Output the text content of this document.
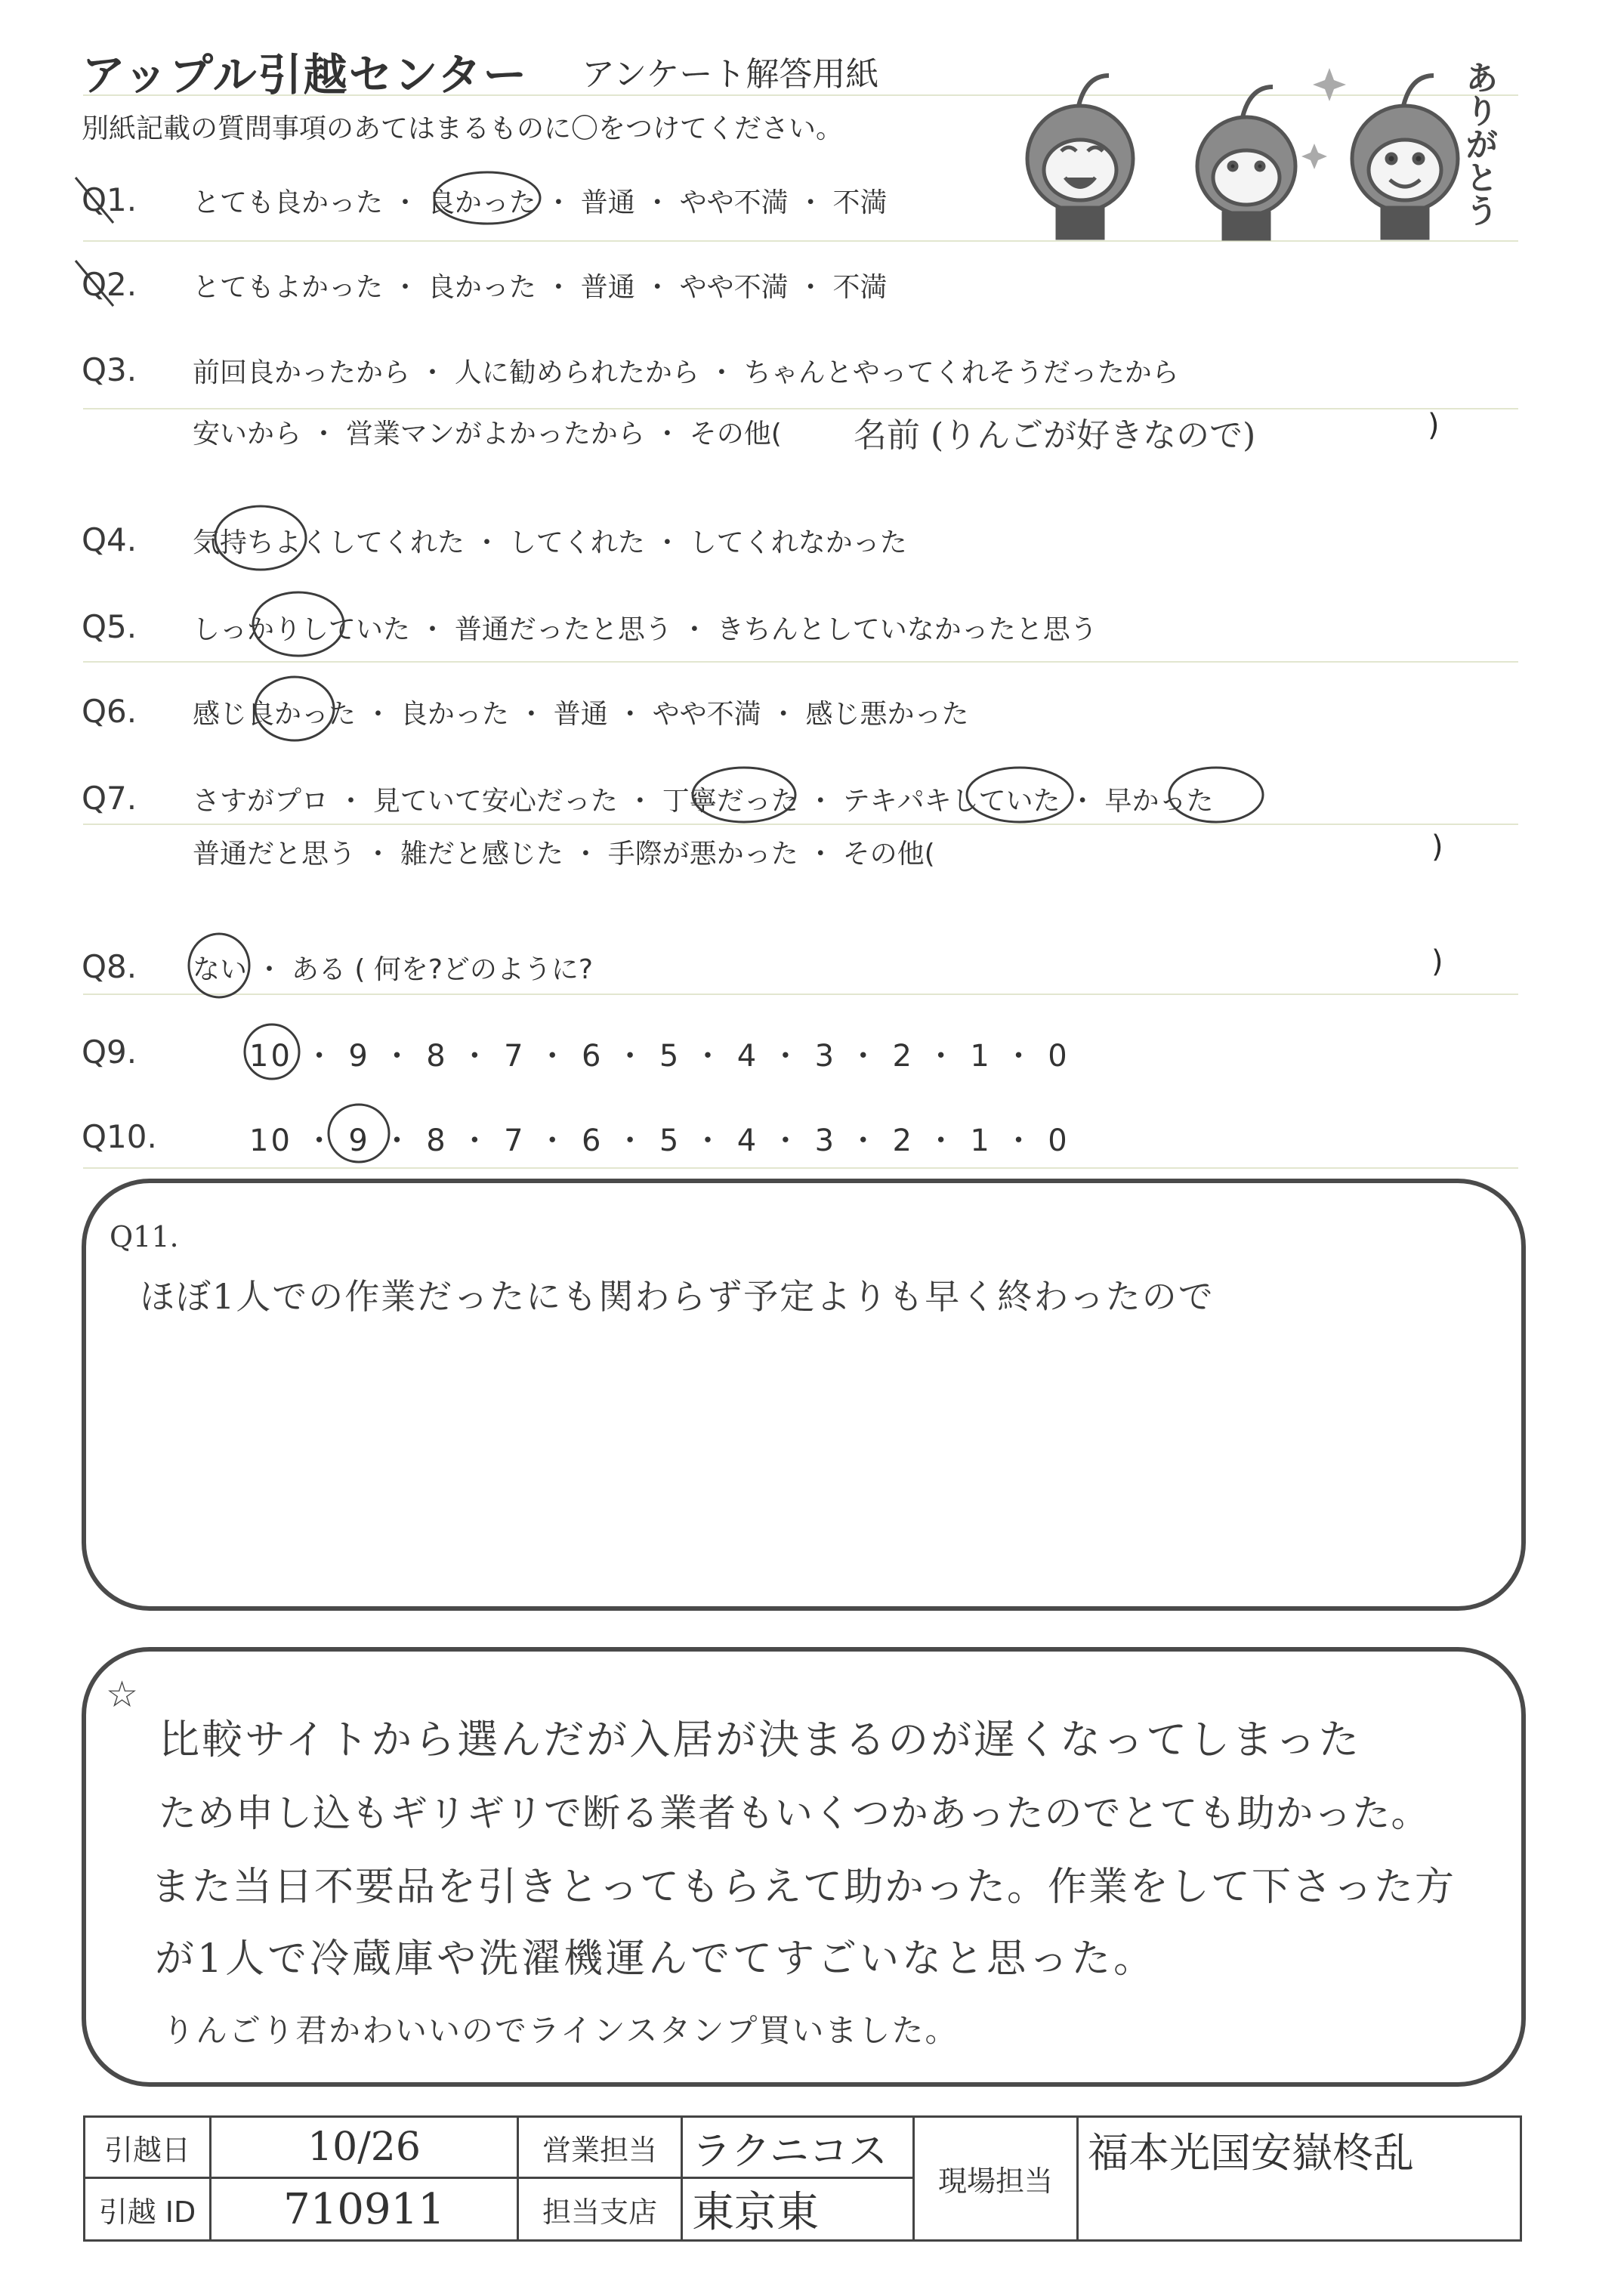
アップル引越センター アンケート解答用紙
別紙記載の質問事項のあてはまるものに〇をつけてください。	ありがとう
Q1. とても良かった ・ 良かった ・ 普通 ・ やや不満 ・ 不満
Q2. とてもよかった ・ 良かった ・ 普通 ・ やや不満 ・ 不満
Q3. 前回良かったから ・ 人に勧められたから ・ ちゃんとやってくれそうだったから
安いから ・ 営業マンがよかったから ・ その他( 名前 (りんごが好きなので)	)
Q4. 気持ちよくしてくれた ・ してくれた ・ してくれなかった
Q5. しっかりしていた ・ 普通だったと思う ・ きちんとしていなかったと思う
Q6. 感じ良かった ・ 良かった ・ 普通 ・ やや不満 ・ 感じ悪かった
Q7. さすがプロ ・ 見ていて安心だった ・ 丁寧だった ・ テキパキしていた ・ 早かった
普通だと思う ・ 雑だと感じた ・ 手際が悪かった ・ その他(	)
Q8. ない ・ ある ( 何を?どのように?	)
Q9.	10 ・ 9 ・ 8 ・ 7 ・ 6 ・ 5 ・ 4 ・ 3 ・ 2 ・ 1 ・ 0
Q10.	10 ・ 9 ・ 8 ・ 7 ・ 6 ・ 5 ・ 4 ・ 3 ・ 2 ・ 1 ・ 0
Q11.
ほぼ1人での作業だったにも関わらず予定よりも早く終わったので
☆
比較サイトから選んだが入居が決まるのが遅くなってしまった
ため申し込もギリギリで断る業者もいくつかあったのでとても助かった。
また当日不要品を引きとってもらえて助かった。作業をして下さった方
が1人で冷蔵庫や洗濯機運んでてすごいなと思った。
りんごり君かわいいのでラインスタンプ買いました。
引越日	10/26	営業担当	ラクニコス	現場担当	福本光国安嶽柊乱
引越 ID	710911	担当支店	東京東		
